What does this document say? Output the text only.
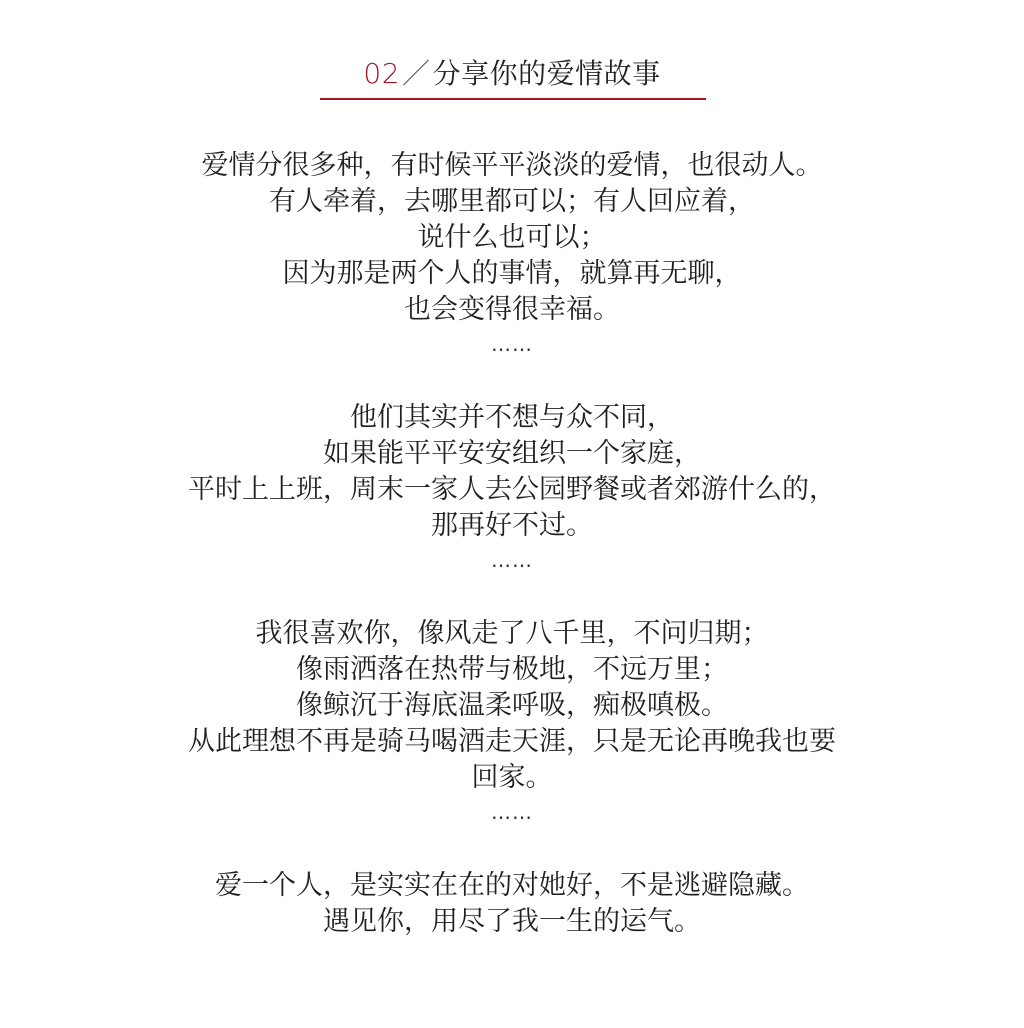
02／分享你的爱情故事
爱情分很多种，有时候平平淡淡的爱情，也很动人。
有人牵着，去哪里都可以；有人回应着，
说什么也可以；
因为那是两个人的事情，就算再无聊，
也会变得很幸福。
……
他们其实并不想与众不同，
如果能平平安安组织一个家庭，
平时上上班，周末一家人去公园野餐或者郊游什么的，
那再好不过。
……
我很喜欢你，像风走了八千里，不问归期；
像雨洒落在热带与极地，不远万里；
像鲸沉于海底温柔呼吸，痴极嗔极。
从此理想不再是骑马喝酒走天涯，只是无论再晚我也要
回家。
……
爱一个人，是实实在在的对她好，不是逃避隐藏。
遇见你，用尽了我一生的运气。
